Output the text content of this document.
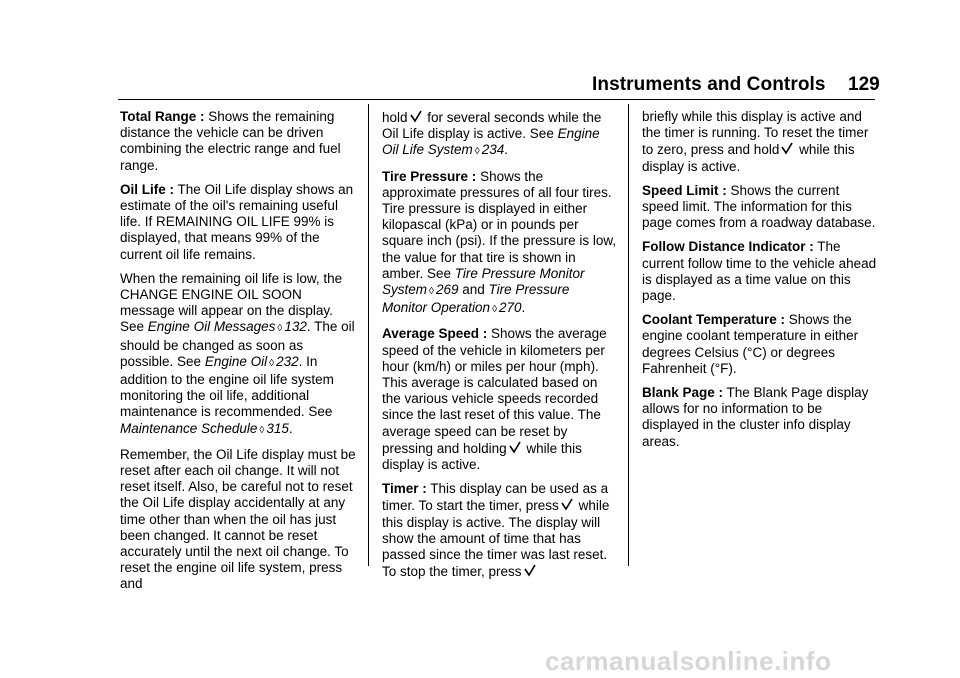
Instruments and Controls 129

Total Range : Shows the remaining distance the vehicle can be driven combining the electric range and fuel range.

Oil Life : The Oil Life display shows an estimate of the oil's remaining useful life. If REMAINING OIL LIFE 99% is displayed, that means 99% of the current oil life remains.

When the remaining oil life is low, the CHANGE ENGINE OIL SOON message will appear on the display. See Engine Oil Messages ◊ 132. The oil should be changed as soon as possible. See Engine Oil ◊ 232. In addition to the engine oil life system monitoring the oil life, additional maintenance is recommended. See Maintenance Schedule ◊ 315.

Remember, the Oil Life display must be reset after each oil change. It will not reset itself. Also, be careful not to reset the Oil Life display accidentally at any time other than when the oil has just been changed. It cannot be reset accurately until the next oil change. To reset the engine oil life system, press and

hold
for several seconds while the Oil Life display is active. See Engine Oil Life System ◊ 234.

Tire Pressure : Shows the approximate pressures of all four tires. Tire pressure is displayed in either kilopascal (kPa) or in pounds per square inch (psi). If the pressure is low, the value for that tire is shown in amber. See Tire Pressure Monitor System ◊ 269 and Tire Pressure Monitor Operation ◊ 270.

Average Speed : Shows the average speed of the vehicle in kilometers per hour (km/h) or miles per hour (mph). This average is calculated based on the various vehicle speeds recorded since the last reset of this value. The average speed can be reset by pressing and holding
while this display is active.

Timer : This display can be used as a timer. To start the timer, press
while this display is active. The display will show the amount of time that has passed since the timer was last reset. To stop the timer, press

briefly while this display is active and the timer is running. To reset the timer to zero, press and hold
while this display is active.

Speed Limit : Shows the current speed limit. The information for this page comes from a roadway database.

Follow Distance Indicator : The current follow time to the vehicle ahead is displayed as a time value on this page.

Coolant Temperature : Shows the engine coolant temperature in either degrees Celsius (°C) or degrees Fahrenheit (°F).

Blank Page : The Blank Page display allows for no information to be displayed in the cluster info display areas.

carmanualsonline.info
